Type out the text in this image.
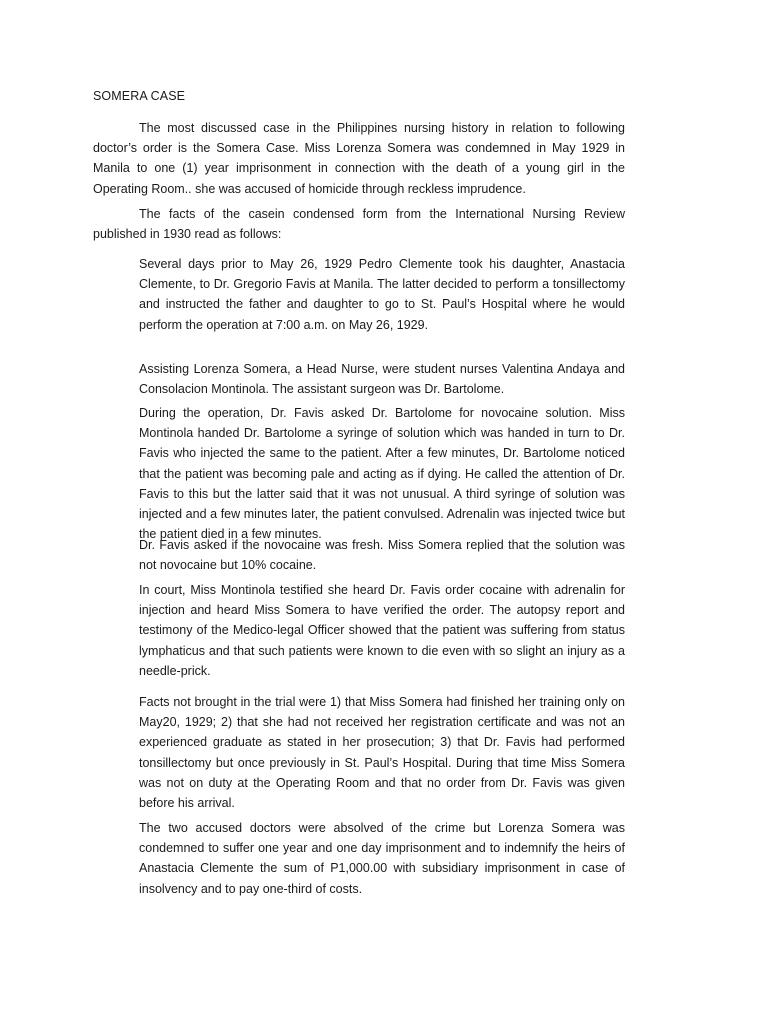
SOMERA CASE

The most discussed case in the Philippines nursing history in relation to following doctor’s order is the Somera Case. Miss Lorenza Somera was condemned in May 1929 in Manila to one (1) year imprisonment in connection with the death of a young girl in the Operating Room.. she was accused of homicide through reckless imprudence.

The facts of the casein condensed form from the International Nursing Review published in 1930 read as follows:

Several days prior to May 26, 1929 Pedro Clemente took his daughter, Anastacia Clemente, to Dr. Gregorio Favis at Manila. The latter decided to perform a tonsillectomy and instructed the father and daughter to go to St. Paul’s Hospital where he would perform the operation at 7:00 a.m. on May 26, 1929.

Assisting Lorenza Somera, a Head Nurse, were student nurses Valentina Andaya and Consolacion Montinola. The assistant surgeon was Dr. Bartolome.

During the operation, Dr. Favis asked Dr. Bartolome for novocaine solution. Miss Montinola handed Dr. Bartolome a syringe of solution which was handed in turn to Dr. Favis who injected the same to the patient. After a few minutes, Dr. Bartolome noticed that the patient was becoming pale and acting as if dying. He called the attention of Dr. Favis to this but the latter said that it was not unusual. A third syringe of solution was injected and a few minutes later, the patient convulsed. Adrenalin was injected twice but the patient died in a few minutes.

Dr. Favis asked if the novocaine was fresh. Miss Somera replied that the solution was not novocaine but 10% cocaine.

In court, Miss Montinola testified she heard Dr. Favis order cocaine with adrenalin for injection and heard Miss Somera to have verified the order. The autopsy report and testimony of the Medico-legal Officer showed that the patient was suffering from status lymphaticus and that such patients were known to die even with so slight an injury as a needle-prick.

Facts not brought in the trial were 1) that Miss Somera had finished her training only on May20, 1929; 2) that she had not received her registration certificate and was not an experienced graduate as stated in her prosecution; 3) that Dr. Favis had performed tonsillectomy but once previously in St. Paul’s Hospital. During that time Miss Somera was not on duty at the Operating Room and that no order from Dr. Favis was given before his arrival.

The two accused doctors were absolved of the crime but Lorenza Somera was condemned to suffer one year and one day imprisonment and to indemnify the heirs of Anastacia Clemente the sum of P1,000.00 with subsidiary imprisonment in case of insolvency and to pay one-third of costs.
